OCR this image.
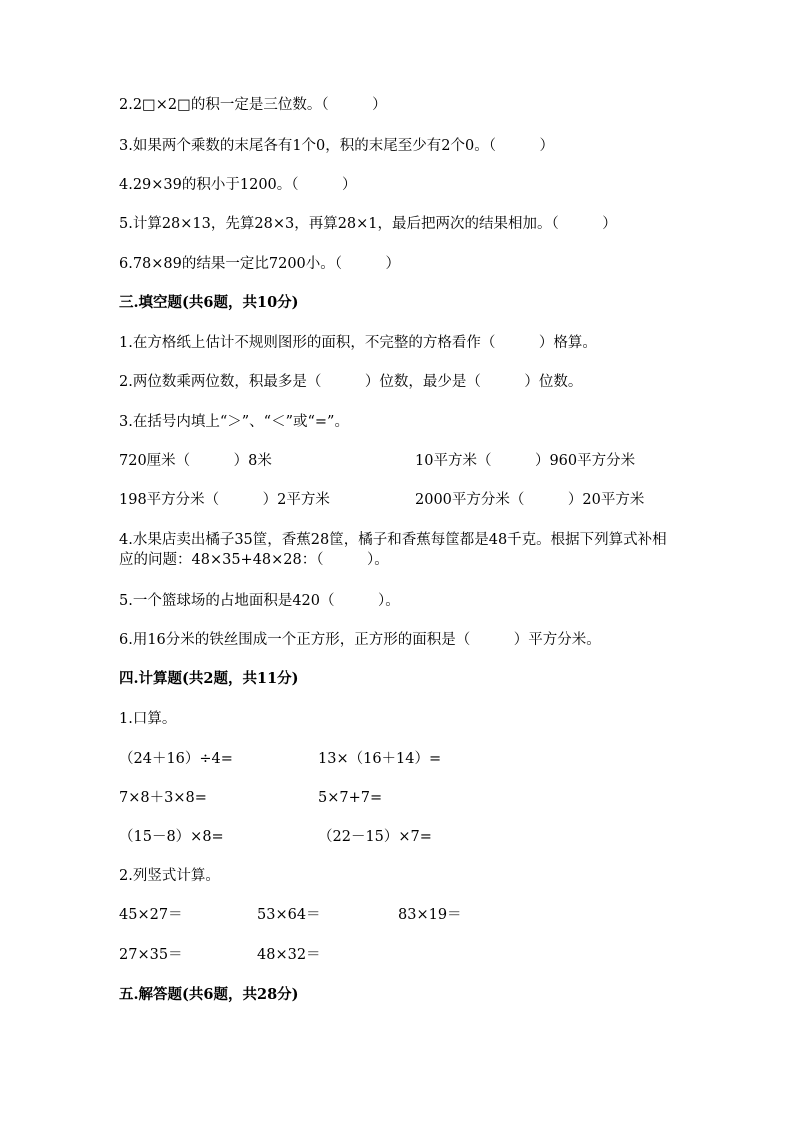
2.2□×2□的积一定是三位数。（　　　）
3.如果两个乘数的末尾各有1个0，积的末尾至少有2个0。（　　　）
4.29×39的积小于1200。（　　　）
5.计算28×13，先算28×3，再算28×1，最后把两次的结果相加。（　　　）
6.78×89的结果一定比7200小。（　　　）
三.填空题(共6题，共10分)
1.在方格纸上估计不规则图形的面积，不完整的方格看作（　　　）格算。
2.两位数乘两位数，积最多是（　　　）位数，最少是（　　　）位数。
3.在括号内填上“＞”、“＜”或“=”。
720厘米（　　　）8米	10平方米（　　　）960平方分米
198平方分米（　　　）2平方米	2000平方分米（　　　）20平方米
4.水果店卖出橘子35筐，香蕉28筐，橘子和香蕉每筐都是48千克。根据下列算式补相应的问题：48×35+48×28：（　　　）。
5.一个篮球场的占地面积是420（　　　）。
6.用16分米的铁丝围成一个正方形，正方形的面积是（　　　）平方分米。
四.计算题(共2题，共11分)
1.口算。
（24＋16）÷4=	13×（16＋14）=
7×8＋3×8=	5×7+7=
（15－8）×8=	（22－15）×7=
2.列竖式计算。
45×27＝	53×64＝	83×19＝
27×35＝	48×32＝
五.解答题(共6题，共28分)
